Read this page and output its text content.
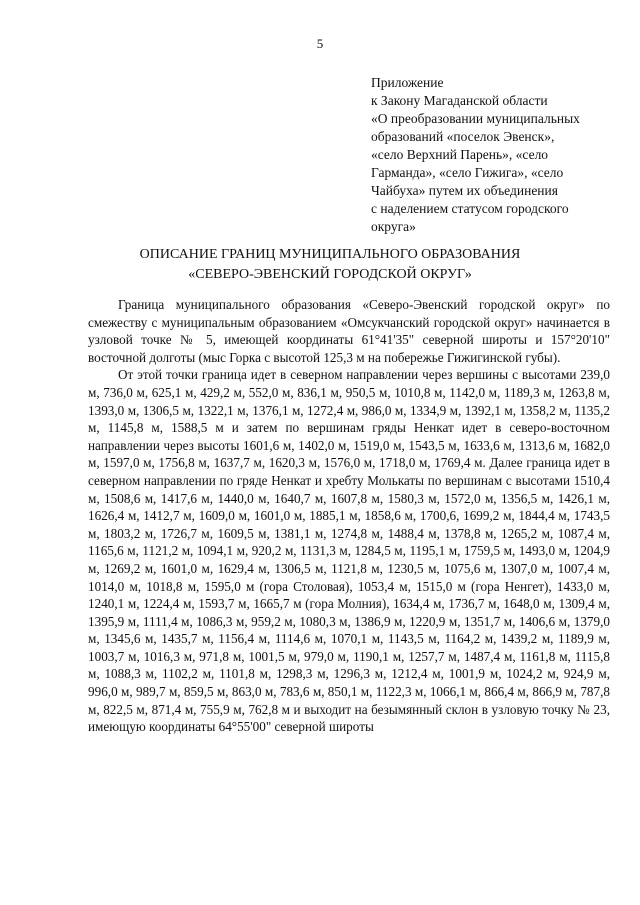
5
Приложение
к Закону Магаданской области
«О преобразовании муниципальных
образований «поселок Эвенск»,
«село Верхний Парень», «село
Гарманда», «село Гижига», «село
Чайбуха» путем их объединения
с наделением статусом городского
округа»
ОПИСАНИЕ ГРАНИЦ МУНИЦИПАЛЬНОГО ОБРАЗОВАНИЯ
«СЕВЕРО-ЭВЕНСКИЙ ГОРОДСКОЙ ОКРУГ»

Граница муниципального образования «Северо-Эвенский городской округ» по смежеству с муниципальным образованием «Омсукчанский городской округ» начинается в узловой точке № 5, имеющей координаты 61°41'35" северной широты и 157°20'10" восточной долготы (мыс Горка с высотой 125,3 м на побережье Гижигинской губы).

От этой точки граница идет в северном направлении через вершины с высотами 239,0 м, 736,0 м, 625,1 м, 429,2 м, 552,0 м, 836,1 м, 950,5 м, 1010,8 м, 1142,0 м, 1189,3 м, 1263,8 м, 1393,0 м, 1306,5 м, 1322,1 м, 1376,1 м, 1272,4 м, 986,0 м, 1334,9 м, 1392,1 м, 1358,2 м, 1135,2 м, 1145,8 м, 1588,5 м и затем по вершинам гряды Ненкат идет в северо-восточном направлении через высоты 1601,6 м, 1402,0 м, 1519,0 м, 1543,5 м, 1633,6 м, 1313,6 м, 1682,0 м, 1597,0 м, 1756,8 м, 1637,7 м, 1620,3 м, 1576,0 м, 1718,0 м, 1769,4 м. Далее граница идет в северном направлении по гряде Ненкат и хребту Молькаты по вершинам с высотами 1510,4 м, 1508,6 м, 1417,6 м, 1440,0 м, 1640,7 м, 1607,8 м, 1580,3 м, 1572,0 м, 1356,5 м, 1426,1 м, 1626,4 м, 1412,7 м, 1609,0 м, 1601,0 м, 1885,1 м, 1858,6 м, 1700,6, 1699,2 м, 1844,4 м, 1743,5 м, 1803,2 м, 1726,7 м, 1609,5 м, 1381,1 м, 1274,8 м, 1488,4 м, 1378,8 м, 1265,2 м, 1087,4 м, 1165,6 м, 1121,2 м, 1094,1 м, 920,2 м, 1131,3 м, 1284,5 м, 1195,1 м, 1759,5 м, 1493,0 м, 1204,9 м, 1269,2 м, 1601,0 м, 1629,4 м, 1306,5 м, 1121,8 м, 1230,5 м, 1075,6 м, 1307,0 м, 1007,4 м, 1014,0 м, 1018,8 м, 1595,0 м (гора Столовая), 1053,4 м, 1515,0 м (гора Ненгет), 1433,0 м, 1240,1 м, 1224,4 м, 1593,7 м, 1665,7 м (гора Молния), 1634,4 м, 1736,7 м, 1648,0 м, 1309,4 м, 1395,9 м, 1111,4 м, 1086,3 м, 959,2 м, 1080,3 м, 1386,9 м, 1220,9 м, 1351,7 м, 1406,6 м, 1379,0 м, 1345,6 м, 1435,7 м, 1156,4 м, 1114,6 м, 1070,1 м, 1143,5 м, 1164,2 м, 1439,2 м, 1189,9 м, 1003,7 м, 1016,3 м, 971,8 м, 1001,5 м, 979,0 м, 1190,1 м, 1257,7 м, 1487,4 м, 1161,8 м, 1115,8 м, 1088,3 м, 1102,2 м, 1101,8 м, 1298,3 м, 1296,3 м, 1212,4 м, 1001,9 м, 1024,2 м, 924,9 м, 996,0 м, 989,7 м, 859,5 м, 863,0 м, 783,6 м, 850,1 м, 1122,3 м, 1066,1 м, 866,4 м, 866,9 м, 787,8 м, 822,5 м, 871,4 м, 755,9 м, 762,8 м и выходит на безымянный склон в узловую точку № 23, имеющую координаты 64°55'00" северной широты
